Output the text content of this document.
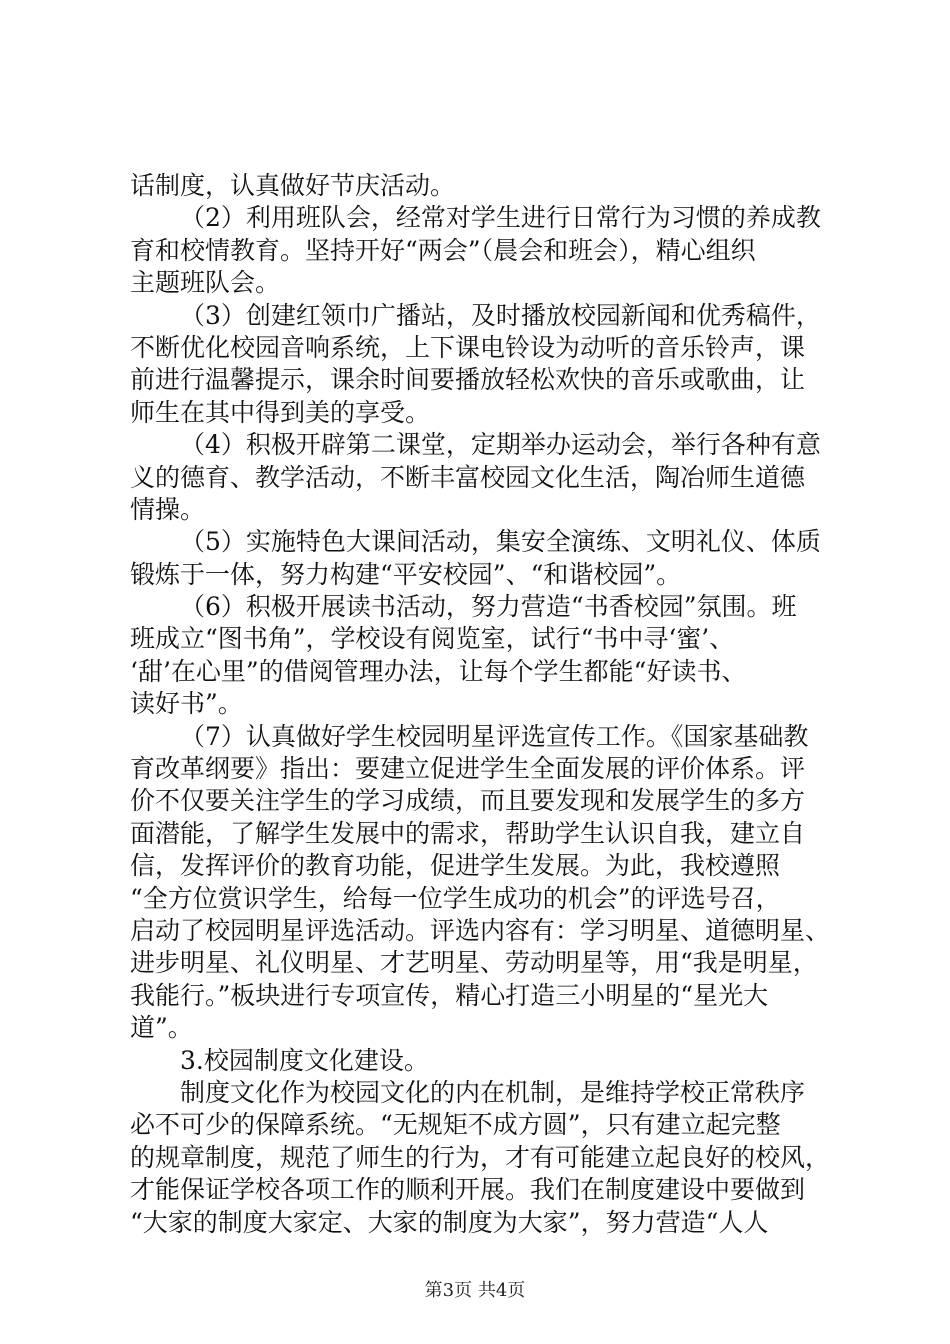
话制度，认真做好节庆活动。
（2）利用班队会，经常对学生进行日常行为习惯的养成教
育和校情教育。坚持开好“两会”（晨会和班会），精心组织
主题班队会。
（3）创建红领巾广播站，及时播放校园新闻和优秀稿件，
不断优化校园音响系统，上下课电铃设为动听的音乐铃声，课
前进行温馨提示，课余时间要播放轻松欢快的音乐或歌曲，让
师生在其中得到美的享受。
（4）积极开辟第二课堂，定期举办运动会，举行各种有意
义的德育、教学活动，不断丰富校园文化生活，陶冶师生道德
情操。
（5）实施特色大课间活动，集安全演练、文明礼仪、体质
锻炼于一体，努力构建“平安校园”、“和谐校园”。
（6）积极开展读书活动，努力营造“书香校园”氛围。班
班成立“图书角”，学校设有阅览室，试行“书中寻‘蜜’、
‘甜’在心里”的借阅管理办法，让每个学生都能“好读书、
读好书”。
（7）认真做好学生校园明星评选宣传工作。《国家基础教
育改革纲要》指出：要建立促进学生全面发展的评价体系。评
价不仅要关注学生的学习成绩，而且要发现和发展学生的多方
面潜能，了解学生发展中的需求，帮助学生认识自我，建立自
信，发挥评价的教育功能，促进学生发展。为此，我校遵照
“全方位赏识学生，给每一位学生成功的机会”的评选号召，
启动了校园明星评选活动。评选内容有：学习明星、道德明星、
进步明星、礼仪明星、才艺明星、劳动明星等，用“我是明星，
我能行。”板块进行专项宣传，精心打造三小明星的“星光大
道”。
3.校园制度文化建设。
制度文化作为校园文化的内在机制，是维持学校正常秩序
必不可少的保障系统。“无规矩不成方圆”，只有建立起完整
的规章制度，规范了师生的行为，才有可能建立起良好的校风，
才能保证学校各项工作的顺利开展。我们在制度建设中要做到
“大家的制度大家定、大家的制度为大家”，努力营造“人人
第3页 共4页
